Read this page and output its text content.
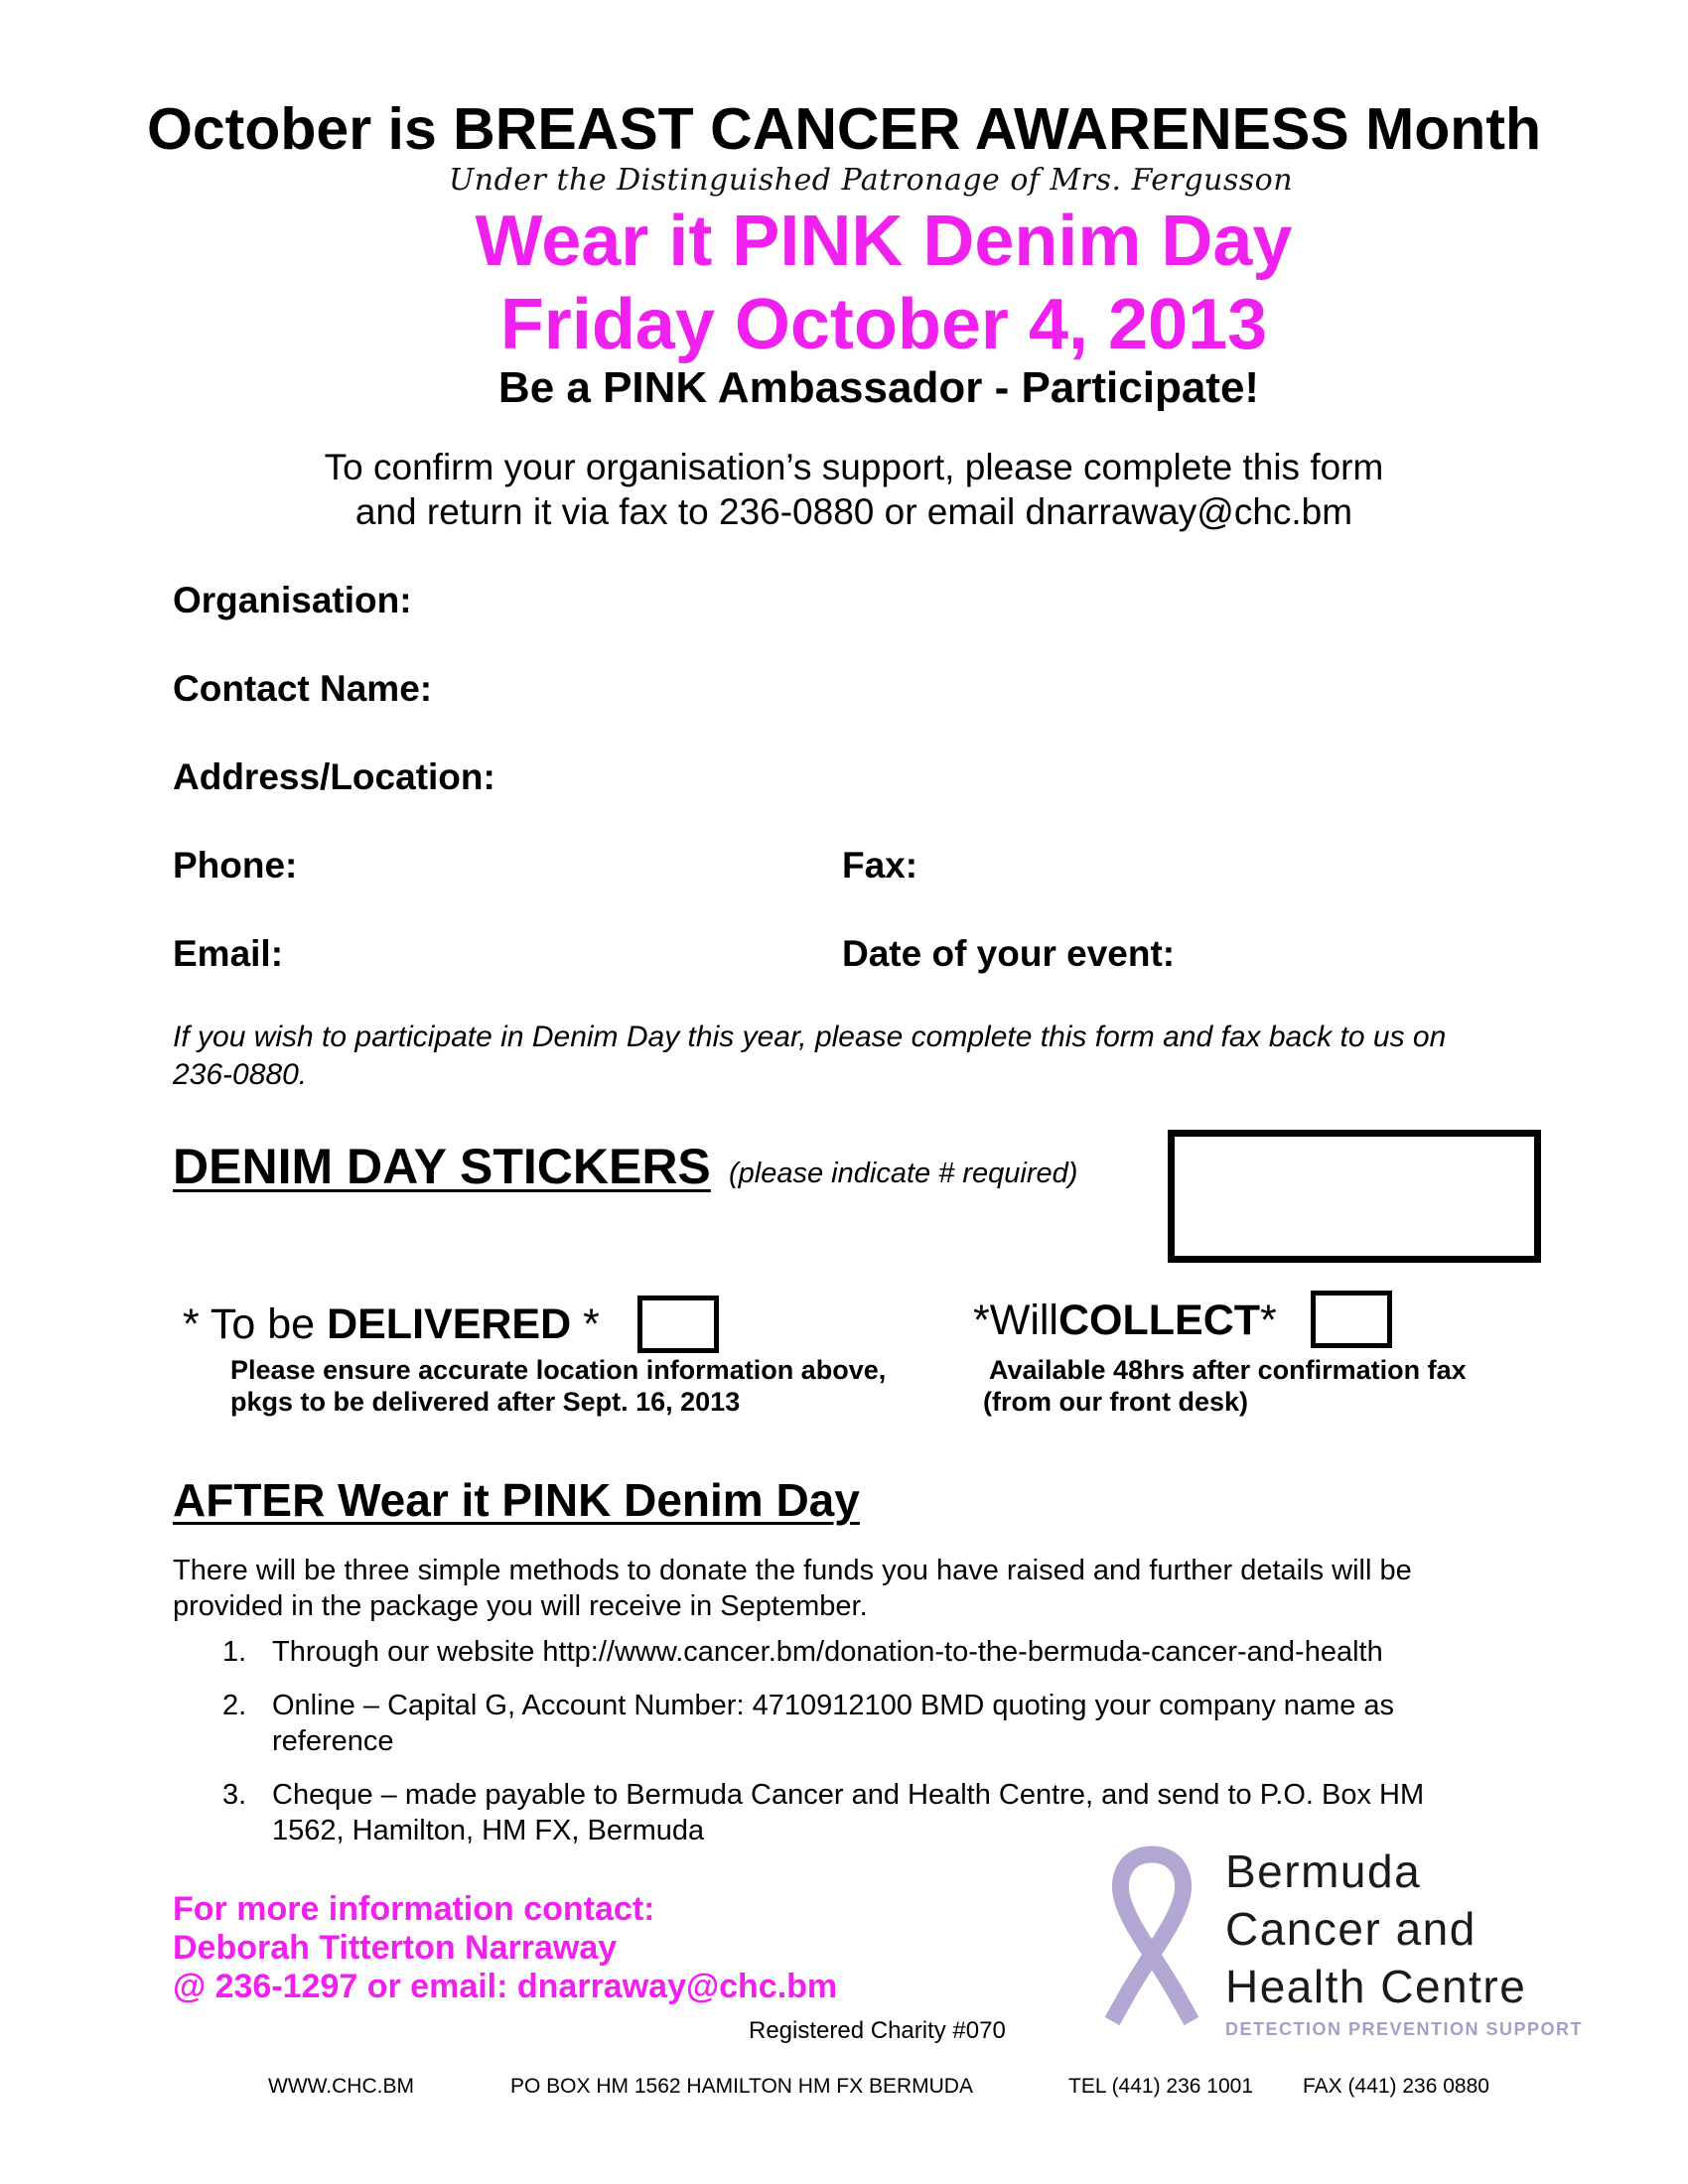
October is BREAST CANCER AWARENESS Month
Under the Distinguished Patronage of Mrs. Fergusson
Wear it PINK Denim Day
Friday October 4, 2013
Be a PINK Ambassador - Participate!
To confirm your organisation’s support, please complete this form
and return it via fax to 236-0880 or email dnarraway@chc.bm
Organisation:
Contact Name:
Address/Location:
Phone:	Fax:
Email:	Date of your event:
If you wish to participate in Denim Day this year, please complete this form and fax back to us on 236-0880.
DENIM DAY STICKERS (please indicate # required)
* To be DELIVERED *
Please ensure accurate location information above,
pkgs to be delivered after Sept. 16, 2013
*WillCOLLECT*
Available 48hrs after confirmation fax
(from our front desk)
AFTER Wear it PINK Denim Day
There will be three simple methods to donate the funds you have raised and further details will be provided in the package you will receive in September.
1. Through our website http://www.cancer.bm/donation-to-the-bermuda-cancer-and-health
2. Online – Capital G, Account Number: 4710912100 BMD quoting your company name as reference
3. Cheque – made payable to Bermuda Cancer and Health Centre, and send to P.O. Box HM 1562, Hamilton, HM FX, Bermuda
For more information contact:
Deborah Titterton Narraway
@ 236-1297 or email: dnarraway@chc.bm
Registered Charity #070
Bermuda
Cancer and
Health Centre
DETECTION PREVENTION SUPPORT
WWW.CHC.BM	PO BOX HM 1562 HAMILTON HM FX BERMUDA	TEL (441) 236 1001 FAX (441) 236 0880
